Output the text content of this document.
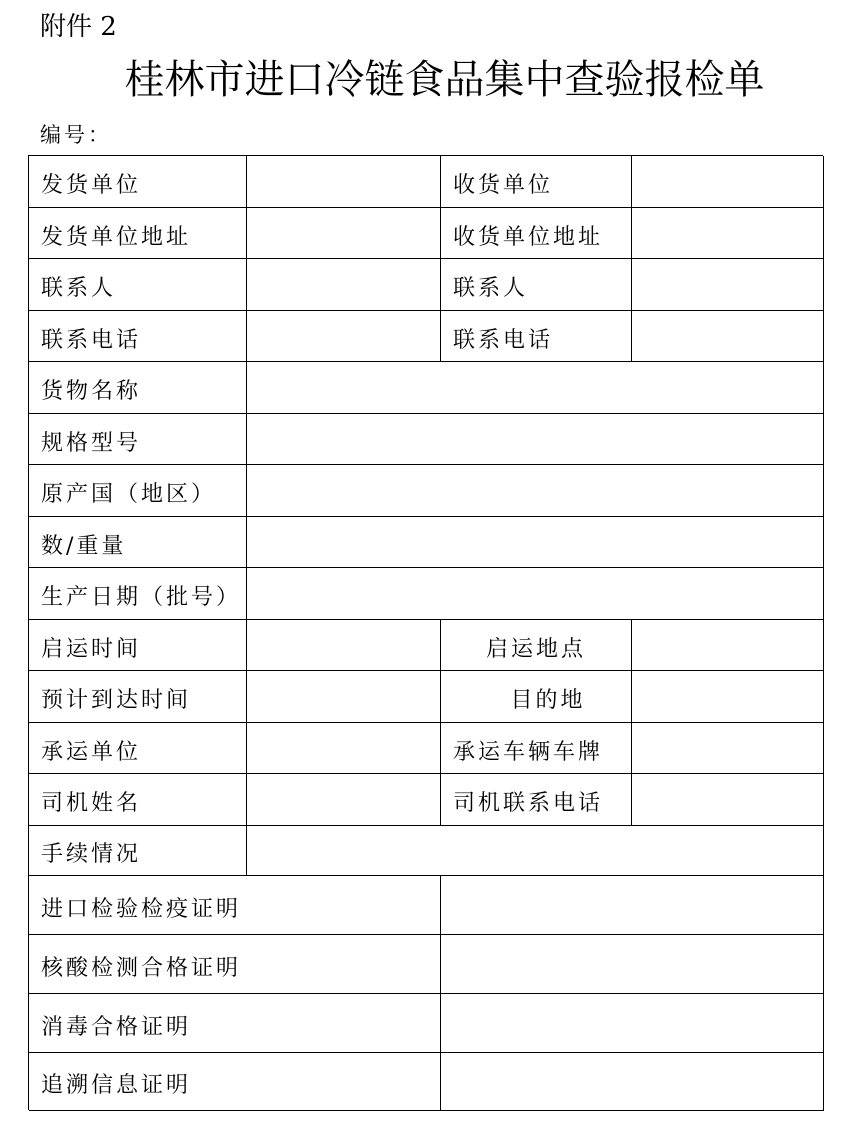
附件 2
桂林市进口冷链食品集中查验报检单
编号：
发货单位	收货单位
发货单位地址	收货单位地址
联系人	联系人
联系电话	联系电话
货物名称
规格型号
原产国（地区）
数/重量
生产日期（批号）
启运时间	启运地点
预计到达时间	目的地
承运单位	承运车辆车牌
司机姓名	司机联系电话
手续情况
进口检验检疫证明
核酸检测合格证明
消毒合格证明
追溯信息证明
